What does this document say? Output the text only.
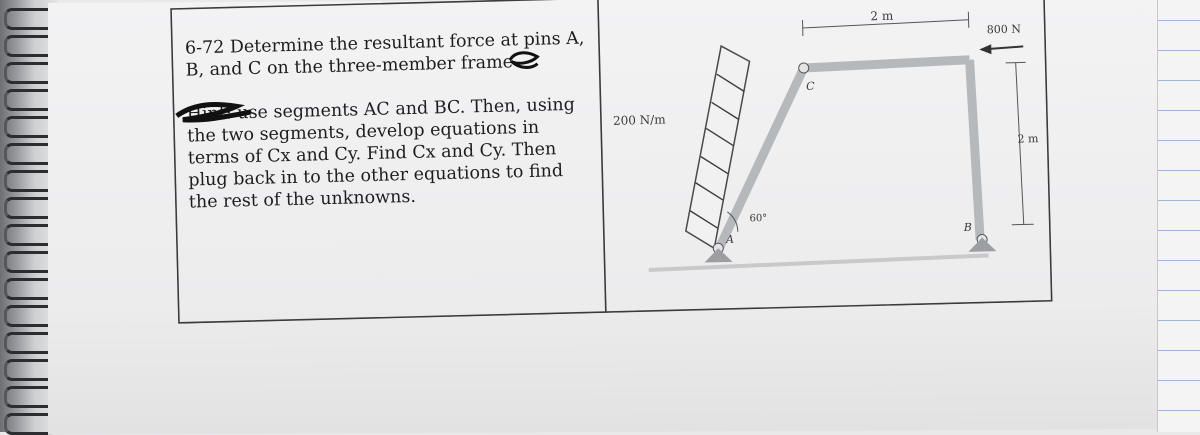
6-72 Determine the resultant force at pins A,
B, and C on the three-member frame
Hint: use segments AC and BC. Then, using
the two segments, develop equations in
terms of Cx and Cy. Find Cx and Cy. Then
plug back in to the other equations to find
the rest of the unknowns.
2 m
800 N
2 m
200 N/m
60°
A
B
C
